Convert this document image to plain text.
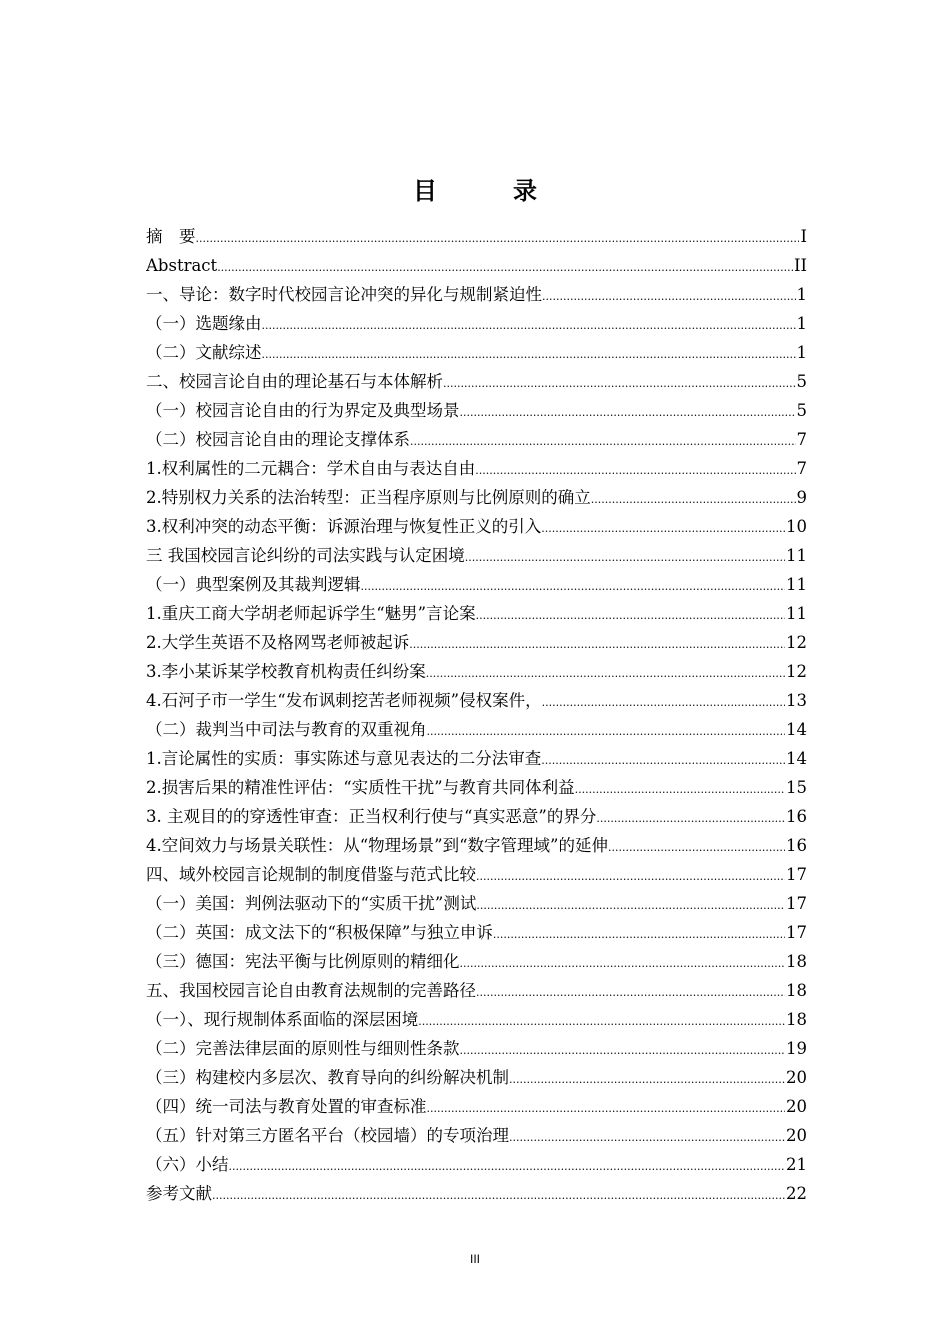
目　录
摘　要 .....	I
Abstract .....	II
一、导论：数字时代校园言论冲突的异化与规制紧迫性 .....	1
（一）选题缘由 .....	1
（二）文献综述 .....	1
二、校园言论自由的理论基石与本体解析 .....	5
（一）校园言论自由的行为界定及典型场景 .....	5
（二）校园言论自由的理论支撑体系 .....	7
1.权利属性的二元耦合：学术自由与表达自由 .....	7
2.特别权力关系的法治转型：正当程序原则与比例原则的确立 .....	9
3.权利冲突的动态平衡：诉源治理与恢复性正义的引入 .....	10
三 我国校园言论纠纷的司法实践与认定困境 .....	11
（一）典型案例及其裁判逻辑 .....	11
1.重庆工商大学胡老师起诉学生“魅男”言论案 .....	11
2.大学生英语不及格网骂老师被起诉 .....	12
3.李小某诉某学校教育机构责任纠纷案 .....	12
4.石河子市一学生“发布讽刺挖苦老师视频”侵权案件， .....	13
（二）裁判当中司法与教育的双重视角 .....	14
1.言论属性的实质：事实陈述与意见表达的二分法审查 .....	14
2.损害后果的精准性评估：“实质性干扰”与教育共同体利益 .....	15
3. 主观目的的穿透性审查：正当权利行使与“真实恶意”的界分 .....	16
4.空间效力与场景关联性：从“物理场景”到“数字管理域”的延伸 .....	16
四、域外校园言论规制的制度借鉴与范式比较 .....	17
（一）美国：判例法驱动下的“实质干扰”测试 .....	17
（二）英国：成文法下的“积极保障”与独立申诉 .....	17
（三）德国：宪法平衡与比例原则的精细化 .....	18
五、我国校园言论自由教育法规制的完善路径 .....	18
（一）、现行规制体系面临的深层困境 .....	18
（二）完善法律层面的原则性与细则性条款 .....	19
（三）构建校内多层次、教育导向的纠纷解决机制 .....	20
（四）统一司法与教育处置的审查标准 .....	20
（五）针对第三方匿名平台（校园墙）的专项治理 .....	20
（六）小结 .....	21
参考文献 .....	22
III
